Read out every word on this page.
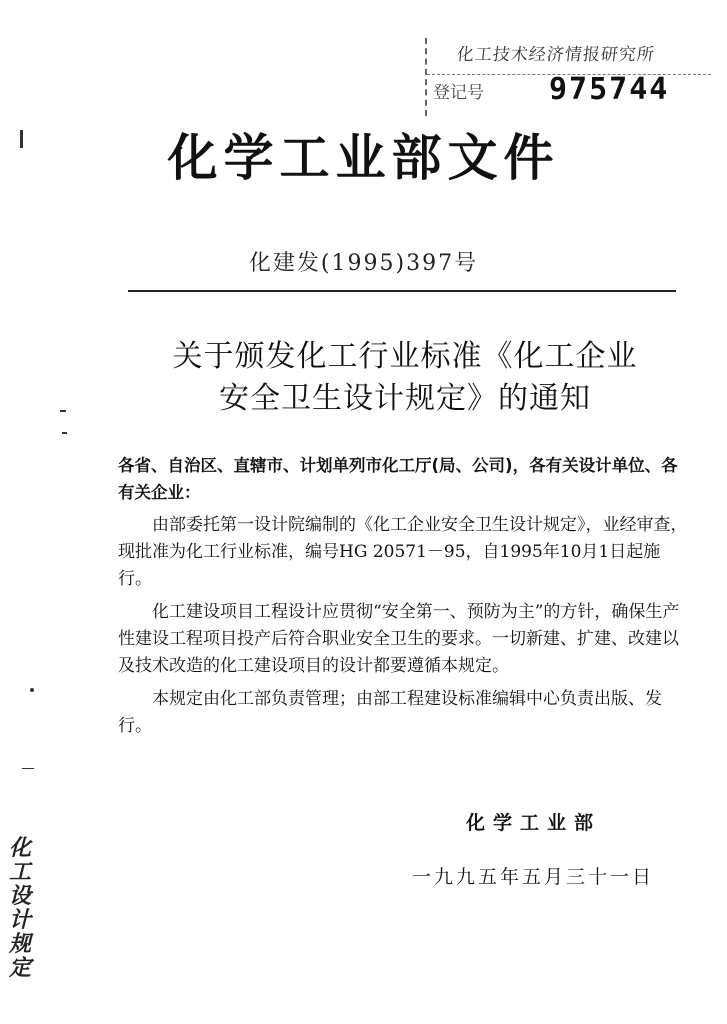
化工技术经济情报研究所
登记号 975744
化学工业部文件
化建发(1995)397号
关于颁发化工行业标准《化工企业
安全卫生设计规定》的通知

各省、自治区、直辖市、计划单列市化工厅(局、公司)，各有关设计单位、各有关企业：

由部委托第一设计院编制的《化工企业安全卫生设计规定》，业经审查，现批准为化工行业标准，编号HG 20571－95，自1995年10月1日起施行。

化工建设项目工程设计应贯彻“安全第一、预防为主”的方针，确保生产性建设工程项目投产后符合职业安全卫生的要求。一切新建、扩建、改建以及技术改造的化工建设项目的设计都要遵循本规定。

本规定由化工部负责管理；由部工程建设标准编辑中心负责出版、发行。

化学工业部
一九九五年五月三十一日
化工设计规定
